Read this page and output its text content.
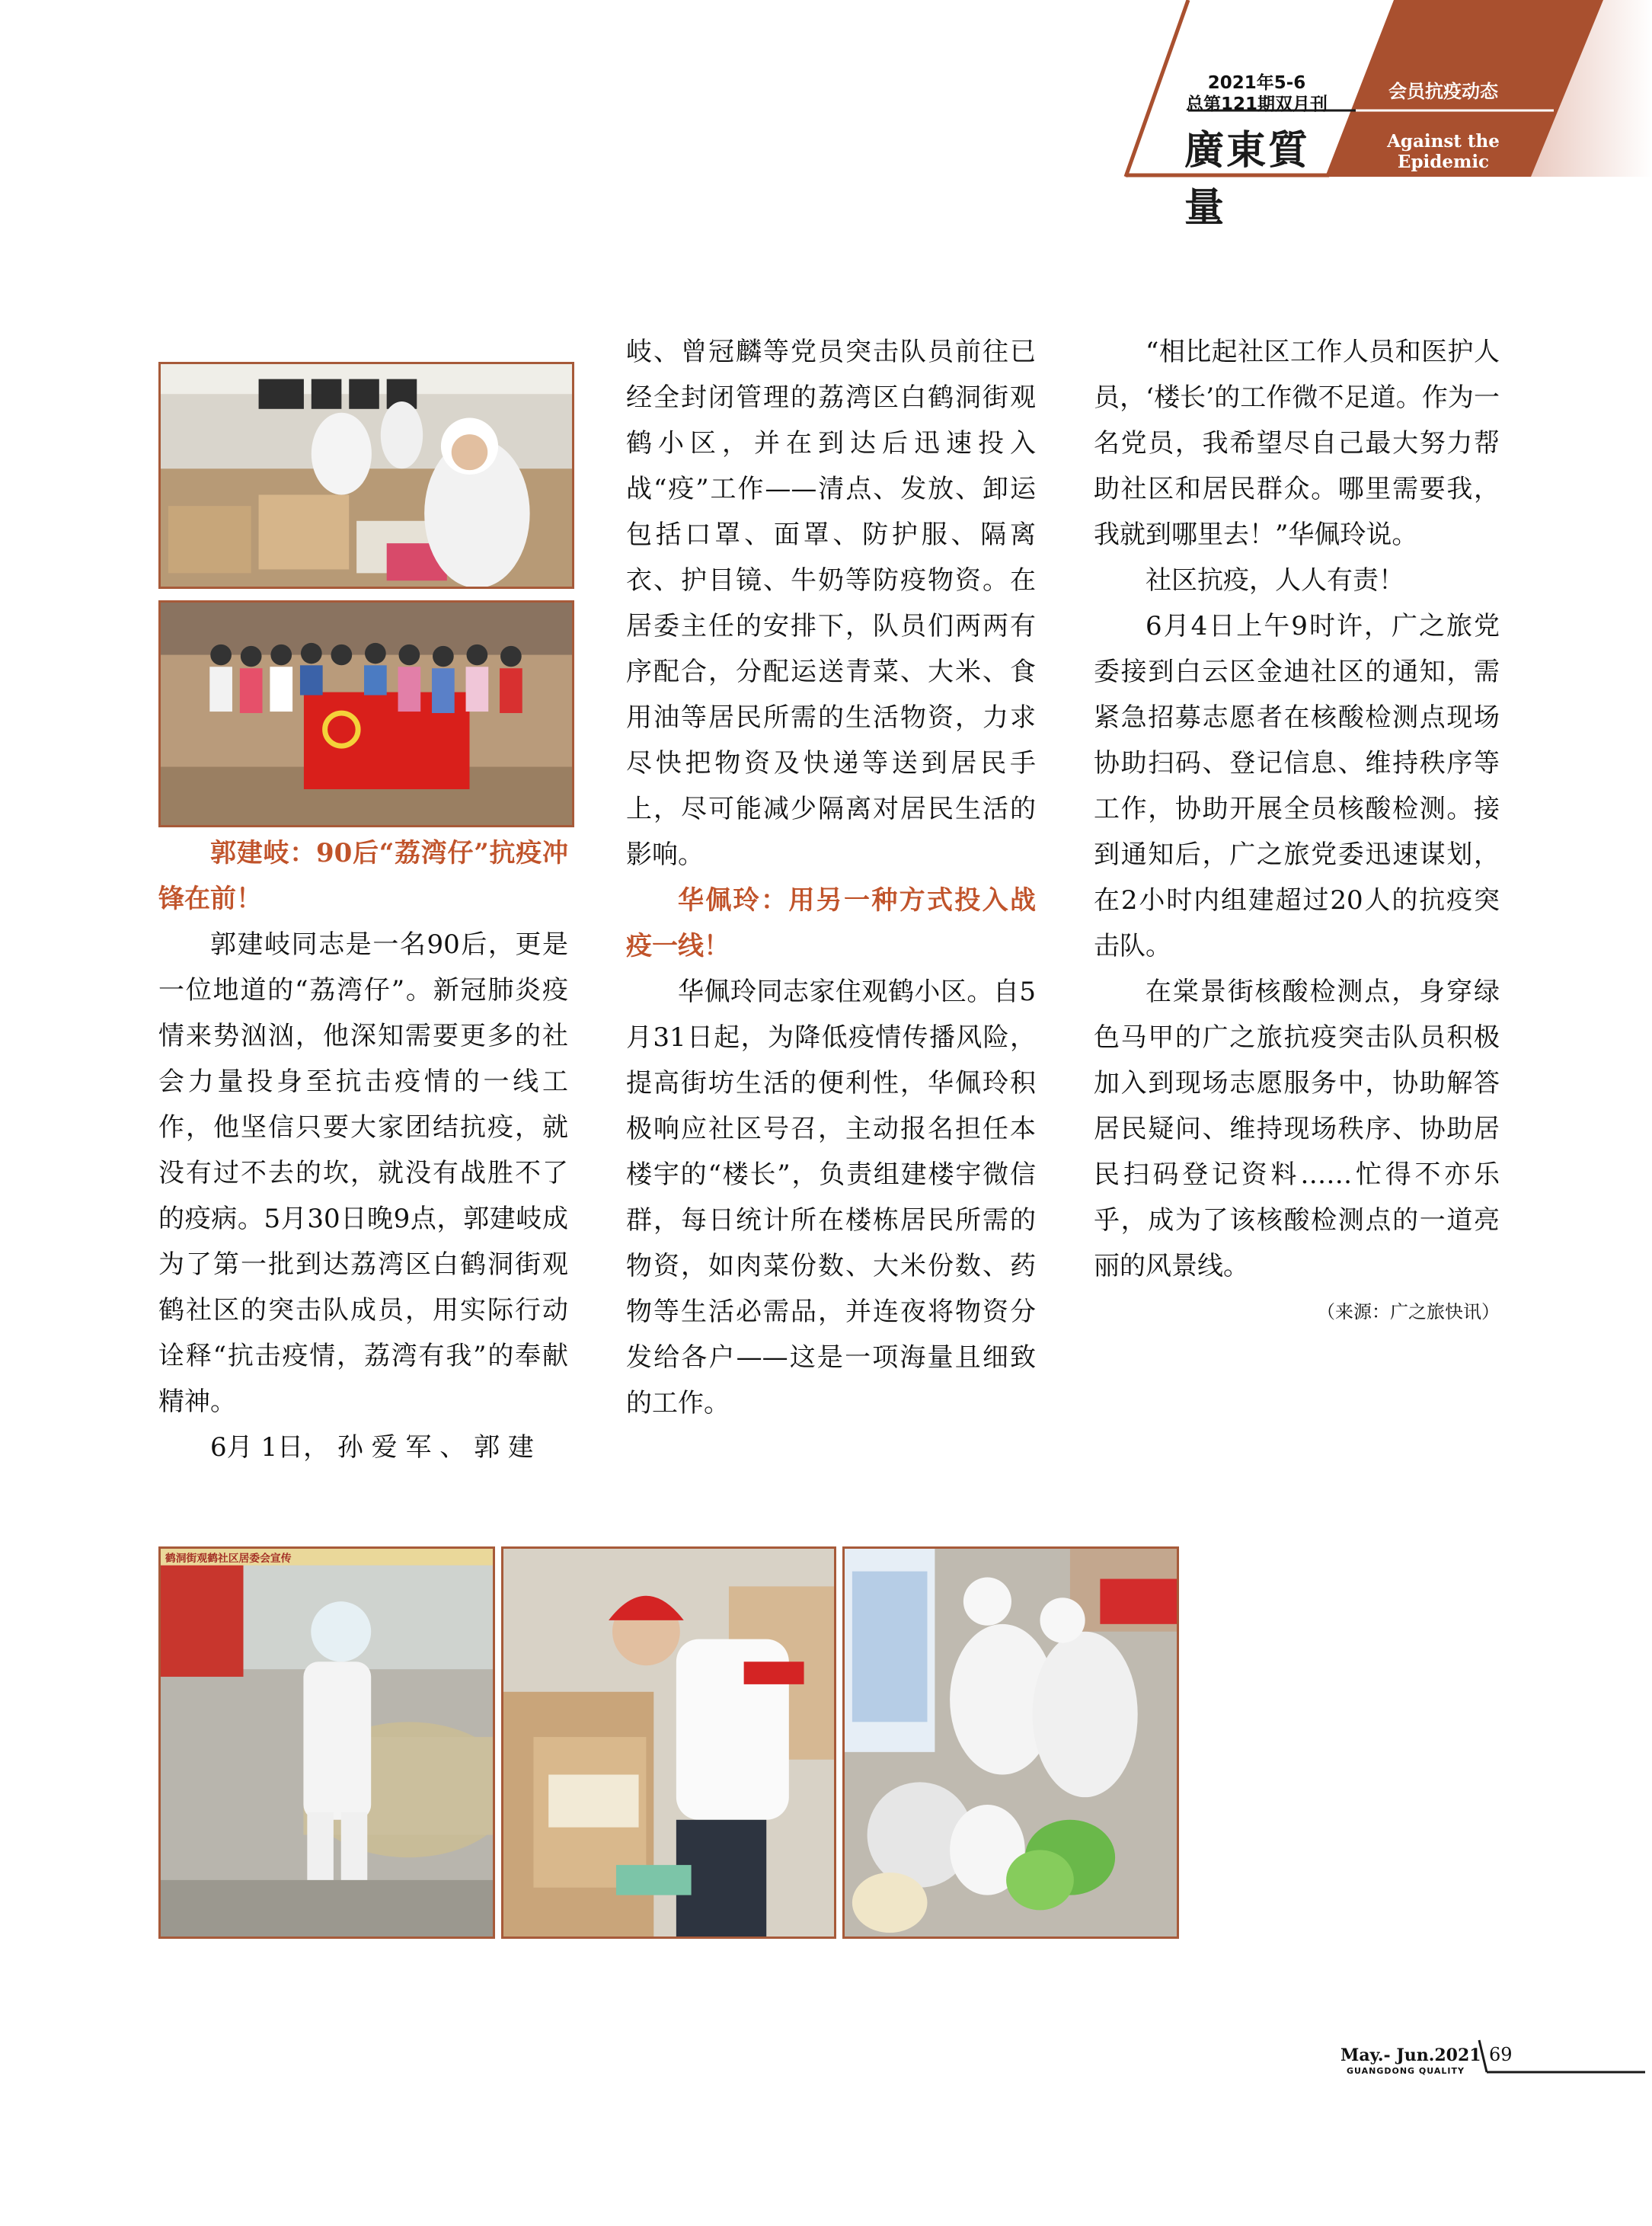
2021年5-6
总第121期双月刊
廣東質量
会员抗疫动态
Against the Epidemic

郭建岐：90后“荔湾仔”抗疫冲锋在前！

郭建岐同志是一名90后，更是一位地道的“荔湾仔”。新冠肺炎疫情来势汹汹，他深知需要更多的社会力量投身至抗击疫情的一线工作，他坚信只要大家团结抗疫，就没有过不去的坎，就没有战胜不了的疫病。5月30日晚9点，郭建岐成为了第一批到达荔湾区白鹤洞街观鹤社区的突击队成员，用实际行动诠释“抗击疫情，荔湾有我”的奉献精神。

6月 1日， 孙 爱 军 、 郭 建

岐、曾冠麟等党员突击队员前往已经全封闭管理的荔湾区白鹤洞街观鹤小区，并在到达后迅速投入战“疫”工作——清点、发放、卸运包括口罩、面罩、防护服、隔离衣、护目镜、牛奶等防疫物资。在居委主任的安排下，队员们两两有序配合，分配运送青菜、大米、食用油等居民所需的生活物资，力求尽快把物资及快递等送到居民手上，尽可能减少隔离对居民生活的影响。

华佩玲：用另一种方式投入战疫一线！

华佩玲同志家住观鹤小区。自5月31日起，为降低疫情传播风险，提高街坊生活的便利性，华佩玲积极响应社区号召，主动报名担任本楼宇的“楼长”，负责组建楼宇微信群，每日统计所在楼栋居民所需的物资，如肉菜份数、大米份数、药物等生活必需品，并连夜将物资分发给各户——这是一项海量且细致的工作。

“相比起社区工作人员和医护人员，‘楼长’的工作微不足道。作为一名党员，我希望尽自己最大努力帮助社区和居民群众。哪里需要我，我就到哪里去！”华佩玲说。

社区抗疫，人人有责！

6月4日上午9时许，广之旅党委接到白云区金迪社区的通知，需紧急招募志愿者在核酸检测点现场协助扫码、登记信息、维持秩序等工作，协助开展全员核酸检测。接到通知后，广之旅党委迅速谋划，在2小时内组建超过20人的抗疫突击队。

在棠景街核酸检测点，身穿绿色马甲的广之旅抗疫突击队员积极加入到现场志愿服务中，协助解答居民疑问、维持现场秩序、协助居民扫码登记资料……忙得不亦乐乎，成为了该核酸检测点的一道亮丽的风景线。

（来源：广之旅快讯）

鹤洞街观鹤社区居委会宣传
May.- Jun.2021
GUANGDONG QUALITY
69
